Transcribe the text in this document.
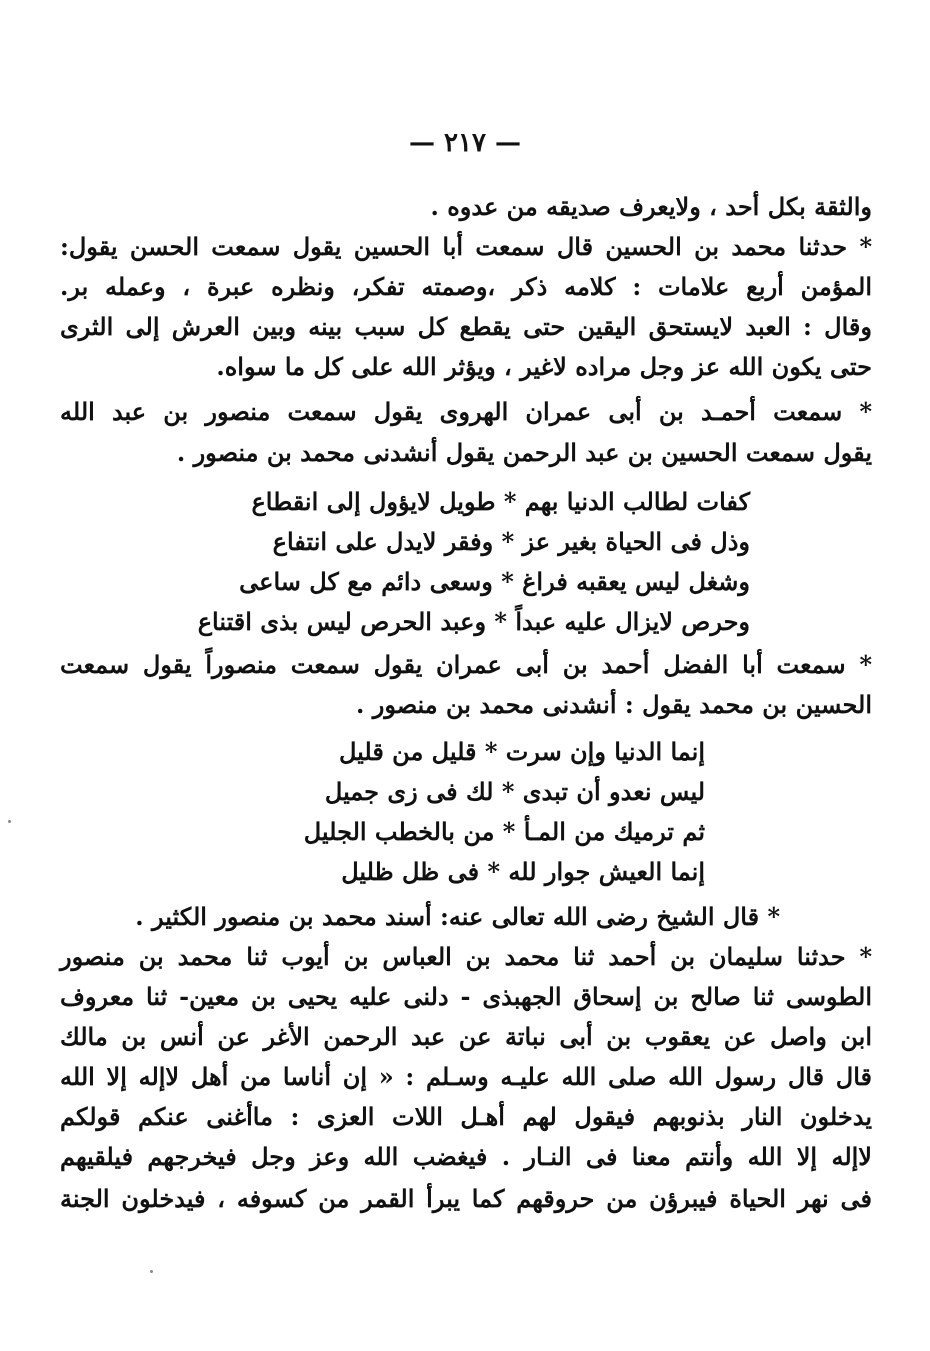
— ٢١٧ —
والثقة بكل أحد ، ولايعرف صديقه من عدوه .
* حدثنا محمد بن الحسين قال سمعت أبا الحسين يقول سمعت الحسن يقول:
المؤمن أربع علامات : كلامه ذكر ،وصمته تفكر، ونظره عبرة ، وعمله بر.
وقال : العبد لايستحق اليقين حتى يقطع كل سبب بينه وبين العرش إلى الثرى
حتى يكون الله عز وجل مراده لاغير ، ويؤثر الله على كل ما سواه.
* سمعت أحمـد بن أبى عمران الهروى يقول سمعت منصور بن عبد الله
يقول سمعت الحسين بن عبد الرحمن يقول أنشدنى محمد بن منصور .
كفات لطالب الدنيا بهم * طويل لايؤول إلى انقطاع
وذل فى الحياة بغير عز * وفقر لايدل على انتفاع
وشغل ليس يعقبه فراغ * وسعى دائم مع كل ساعى
وحرص لايزال عليه عبداً * وعبد الحرص ليس بذى اقتناع
* سمعت أبا الفضل أحمد بن أبى عمران يقول سمعت منصوراً يقول سمعت
الحسين بن محمد يقول : أنشدنى محمد بن منصور .
إنما الدنيا وإن سرت * قليل من قليل
ليس نعدو أن تبدى * لك فى زى جميل
ثم ترميك من المـأ * من بالخطب الجليل
إنما العيش جوار لله * فى ظل ظليل
* قال الشيخ رضى الله تعالى عنه: أسند محمد بن منصور الكثير .
* حدثنا سليمان بن أحمد ثنا محمد بن العباس بن أيوب ثنا محمد بن منصور
الطوسى ثنا صالح بن إسحاق الجهبذى - دلنى عليه يحيى بن معين- ثنا معروف
ابن واصل عن يعقوب بن أبى نباتة عن عبد الرحمن الأغر عن أنس بن مالك
قال قال رسول الله صلى الله عليـه وسـلم : « إن أناسا من أهل لاإله إلا الله
يدخلون النار بذنوبهم فيقول لهم أهـل اللات العزى : ماأغنى عنكم قولكم
لاإله إلا الله وأنتم معنا فى النـار . فيغضب الله وعز وجل فيخرجهم فيلقيهم
فى نهر الحياة فيبرؤن من حروقهم كما يبرأ القمر من كسوفه ، فيدخلون الجنة
